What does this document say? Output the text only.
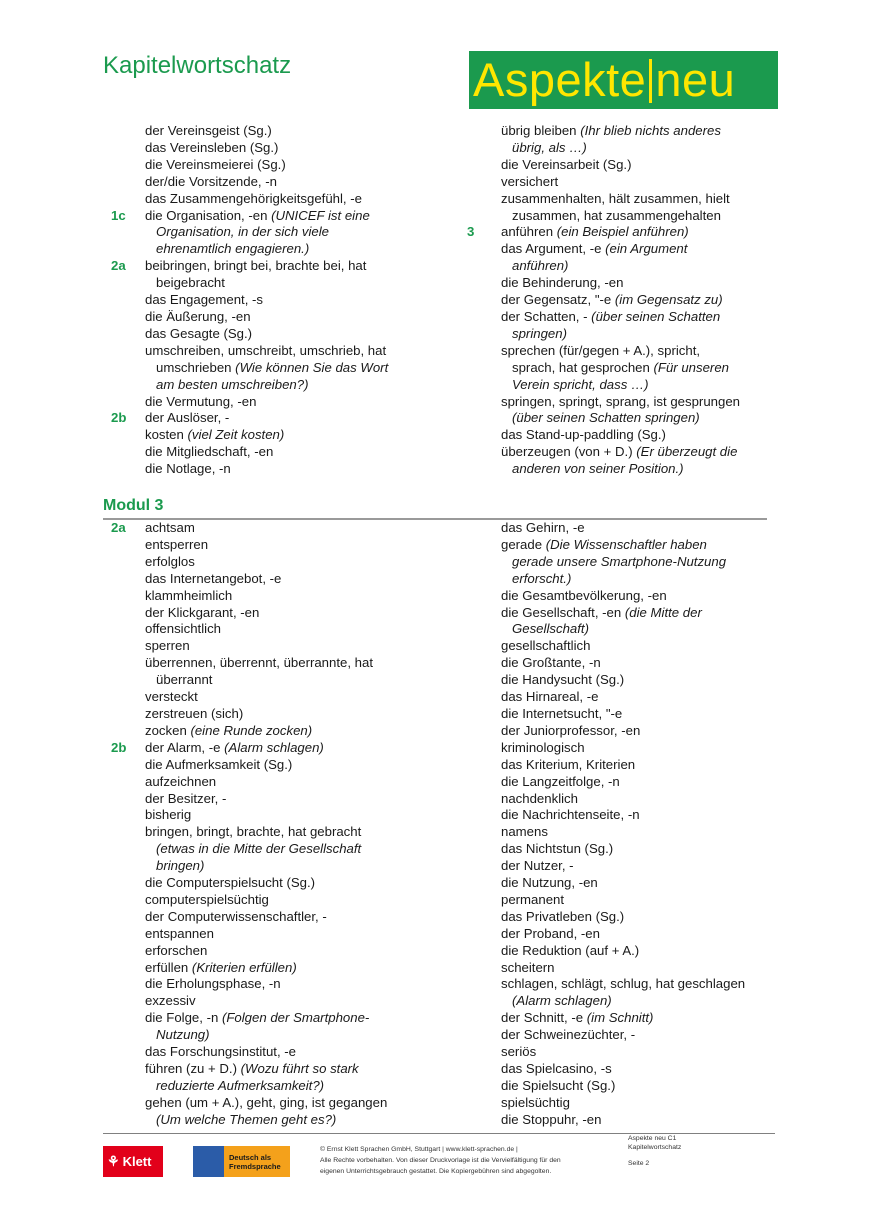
Kapitelwortschatz	Aspekte neu
der Vereinsgeist (Sg.)
das Vereinsleben (Sg.)
die Vereinsmeierei (Sg.)
der/die Vorsitzende, -n
das Zusammengehörigkeitsgefühl, -e
1c die Organisation, -en (UNICEF ist eine
Organisation, in der sich viele
ehrenamtlich engagieren.)
2a beibringen, bringt bei, brachte bei, hat
beigebracht
das Engagement, -s
die Äußerung, -en
das Gesagte (Sg.)
umschreiben, umschreibt, umschrieb, hat
umschrieben (Wie können Sie das Wort
am besten umschreiben?)
die Vermutung, -en
2b der Auslöser, -
kosten (viel Zeit kosten)
die Mitgliedschaft, -en
die Notlage, -n
übrig bleiben (Ihr blieb nichts anderes
übrig, als …)
die Vereinsarbeit (Sg.)
versichert
zusammenhalten, hält zusammen, hielt
zusammen, hat zusammengehalten
3 anführen (ein Beispiel anführen)
das Argument, -e (ein Argument
anführen)
die Behinderung, -en
der Gegensatz, "-e (im Gegensatz zu)
der Schatten, - (über seinen Schatten
springen)
sprechen (für/gegen + A.), spricht,
sprach, hat gesprochen (Für unseren
Verein spricht, dass …)
springen, springt, sprang, ist gesprungen
(über seinen Schatten springen)
das Stand-up-paddling (Sg.)
überzeugen (von + D.) (Er überzeugt die
anderen von seiner Position.)
Modul 3
2a achtsam
entsperren
erfolglos
das Internetangebot, -e
klammheimlich
der Klickgarant, -en
offensichtlich
sperren
überrennen, überrennt, überrannte, hat
überrannt
versteckt
zerstreuen (sich)
zocken (eine Runde zocken)
2b der Alarm, -e (Alarm schlagen)
die Aufmerksamkeit (Sg.)
aufzeichnen
der Besitzer, -
bisherig
bringen, bringt, brachte, hat gebracht
(etwas in die Mitte der Gesellschaft
bringen)
die Computerspielsucht (Sg.)
computerspielsüchtig
der Computerwissenschaftler, -
entspannen
erforschen
erfüllen (Kriterien erfüllen)
die Erholungsphase, -n
exzessiv
die Folge, -n (Folgen der Smartphone-
Nutzung)
das Forschungsinstitut, -e
führen (zu + D.) (Wozu führt so stark
reduzierte Aufmerksamkeit?)
gehen (um + A.), geht, ging, ist gegangen
(Um welche Themen geht es?)
das Gehirn, -e
gerade (Die Wissenschaftler haben
gerade unsere Smartphone-Nutzung
erforscht.)
die Gesamtbevölkerung, -en
die Gesellschaft, -en (die Mitte der
Gesellschaft)
gesellschaftlich
die Großtante, -n
die Handysucht (Sg.)
das Hirnareal, -e
die Internetsucht, "-e
der Juniorprofessor, -en
kriminologisch
das Kriterium, Kriterien
die Langzeitfolge, -n
nachdenklich
die Nachrichtenseite, -n
namens
das Nichtstun (Sg.)
der Nutzer, -
die Nutzung, -en
permanent
das Privatleben (Sg.)
der Proband, -en
die Reduktion (auf + A.)
scheitern
schlagen, schlägt, schlug, hat geschlagen
(Alarm schlagen)
der Schnitt, -e (im Schnitt)
der Schweinezüchter, -
seriös
das Spielcasino, -s
die Spielsucht (Sg.)
spielsüchtig
die Stoppuhr, -en
⚘ Klett	Deutsch als
Fremdsprache
© Ernst Klett Sprachen GmbH, Stuttgart | www.klett-sprachen.de |
Alle Rechte vorbehalten. Von dieser Druckvorlage ist die Vervielfältigung für den
eigenen Unterrichtsgebrauch gestattet. Die Kopiergebühren sind abgegolten.
Aspekte neu C1
Kapitelwortschatz
Seite 2
